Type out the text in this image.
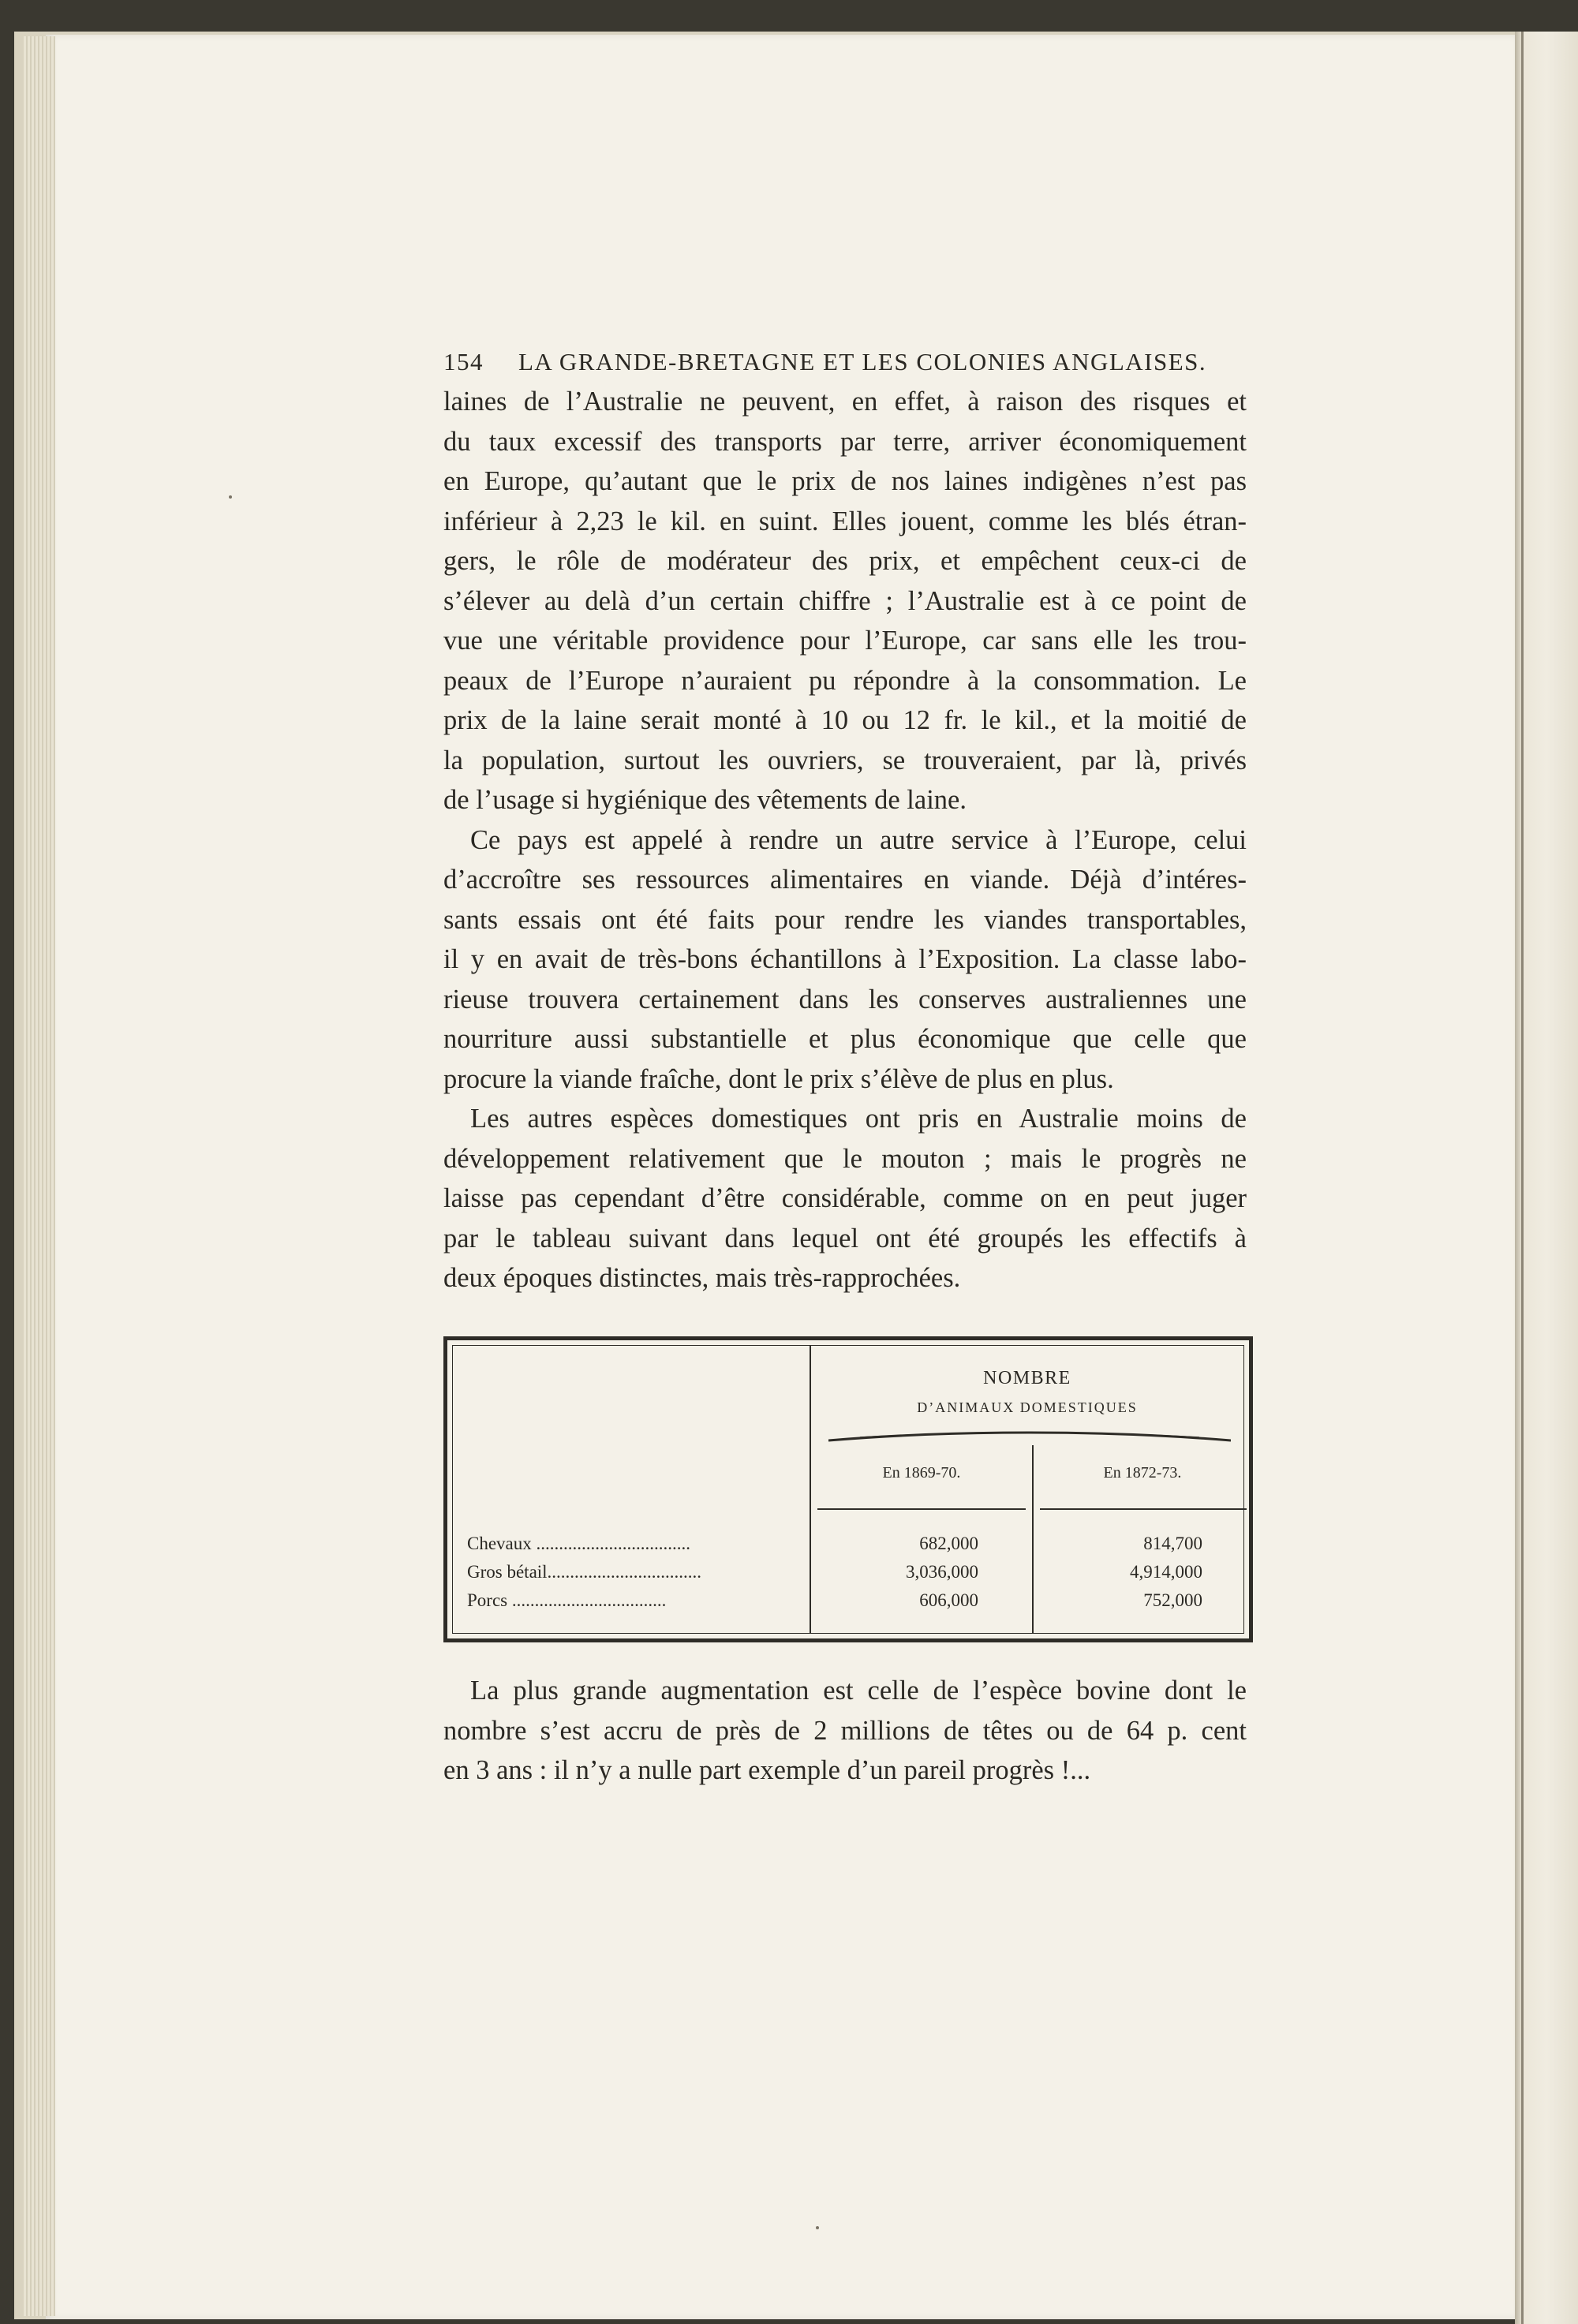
154	LA GRANDE-BRETAGNE ET LES COLONIES ANGLAISES.

laines de l’Australie ne peuvent, en effet, à raison des risques et
du taux excessif des transports par terre, arriver économiquement
en Europe, qu’autant que le prix de nos laines indigènes n’est pas
inférieur à 2,23 le kil. en suint. Elles jouent, comme les blés étran-
gers, le rôle de modérateur des prix, et empêchent ceux-ci de
s’élever au delà d’un certain chiffre ; l’Australie est à ce point de
vue une véritable providence pour l’Europe, car sans elle les trou-
peaux de l’Europe n’auraient pu répondre à la consommation. Le
prix de la laine serait monté à 10 ou 12 fr. le kil., et la moitié de
la population, surtout les ouvriers, se trouveraient, par là, privés
de l’usage si hygiénique des vêtements de laine.

Ce pays est appelé à rendre un autre service à l’Europe, celui
d’accroître ses ressources alimentaires en viande. Déjà d’intéres-
sants essais ont été faits pour rendre les viandes transportables,
il y en avait de très-bons échantillons à l’Exposition. La classe labo-
rieuse trouvera certainement dans les conserves australiennes une
nourriture aussi substantielle et plus économique que celle que
procure la viande fraîche, dont le prix s’élève de plus en plus.

Les autres espèces domestiques ont pris en Australie moins de
développement relativement que le mouton ; mais le progrès ne
laisse pas cependant d’être considérable, comme on en peut juger
par le tableau suivant dans lequel ont été groupés les effectifs à
deux époques distinctes, mais très-rapprochées.

NOMBRE
D’ANIMAUX DOMESTIQUES
En 1869-70.	En 1872-73.
Chevaux ..................................	682,000	814,700
Gros bétail..................................	3,036,000	4,914,000
Porcs ..................................	606,000	752,000

La plus grande augmentation est celle de l’espèce bovine dont le
nombre s’est accru de près de 2 millions de têtes ou de 64 p. cent
en 3 ans : il n’y a nulle part exemple d’un pareil progrès !...
